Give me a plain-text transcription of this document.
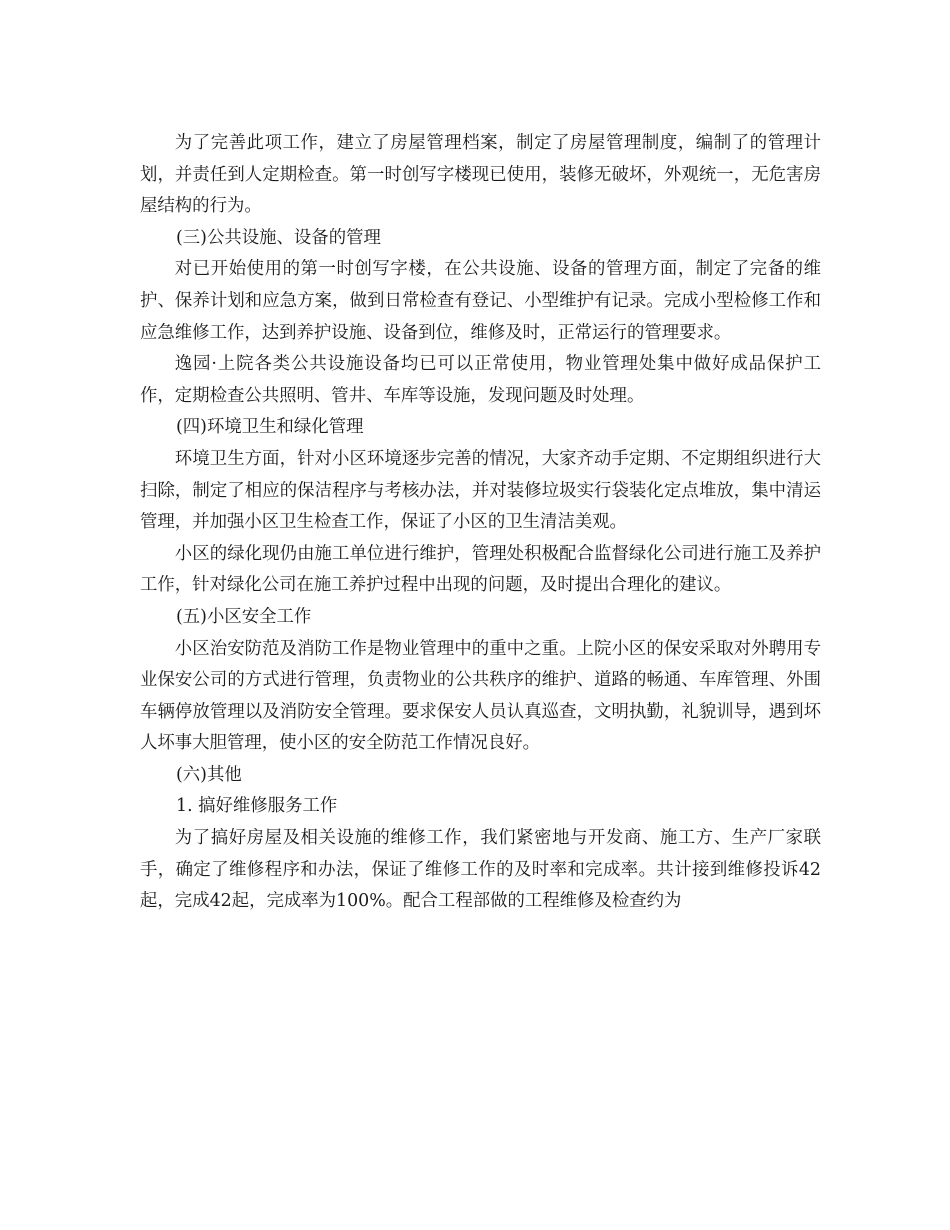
为了完善此项工作，建立了房屋管理档案，制定了房屋管理制度，编制了的管理计划，并责任到人定期检查。第一时创写字楼现已使用，装修无破坏，外观统一，无危害房屋结构的行为。

(三)公共设施、设备的管理

对已开始使用的第一时创写字楼，在公共设施、设备的管理方面，制定了完备的维护、保养计划和应急方案，做到日常检查有登记、小型维护有记录。完成小型检修工作和应急维修工作，达到养护设施、设备到位，维修及时，正常运行的管理要求。

逸园·上院各类公共设施设备均已可以正常使用，物业管理处集中做好成品保护工作，定期检查公共照明、管井、车库等设施，发现问题及时处理。

(四)环境卫生和绿化管理

环境卫生方面，针对小区环境逐步完善的情况，大家齐动手定期、不定期组织进行大扫除，制定了相应的保洁程序与考核办法，并对装修垃圾实行袋装化定点堆放，集中清运管理，并加强小区卫生检查工作，保证了小区的卫生清洁美观。

小区的绿化现仍由施工单位进行维护，管理处积极配合监督绿化公司进行施工及养护工作，针对绿化公司在施工养护过程中出现的问题，及时提出合理化的建议。

(五)小区安全工作

小区治安防范及消防工作是物业管理中的重中之重。上院小区的保安采取对外聘用专业保安公司的方式进行管理，负责物业的公共秩序的维护、道路的畅通、车库管理、外围车辆停放管理以及消防安全管理。要求保安人员认真巡查，文明执勤，礼貌训导，遇到坏人坏事大胆管理，使小区的安全防范工作情况良好。

(六)其他

1. 搞好维修服务工作

为了搞好房屋及相关设施的维修工作，我们紧密地与开发商、施工方、生产厂家联手，确定了维修程序和办法，保证了维修工作的及时率和完成率。共计接到维修投诉42起，完成42起，完成率为100%。配合工程部做的工程维修及检查约为
